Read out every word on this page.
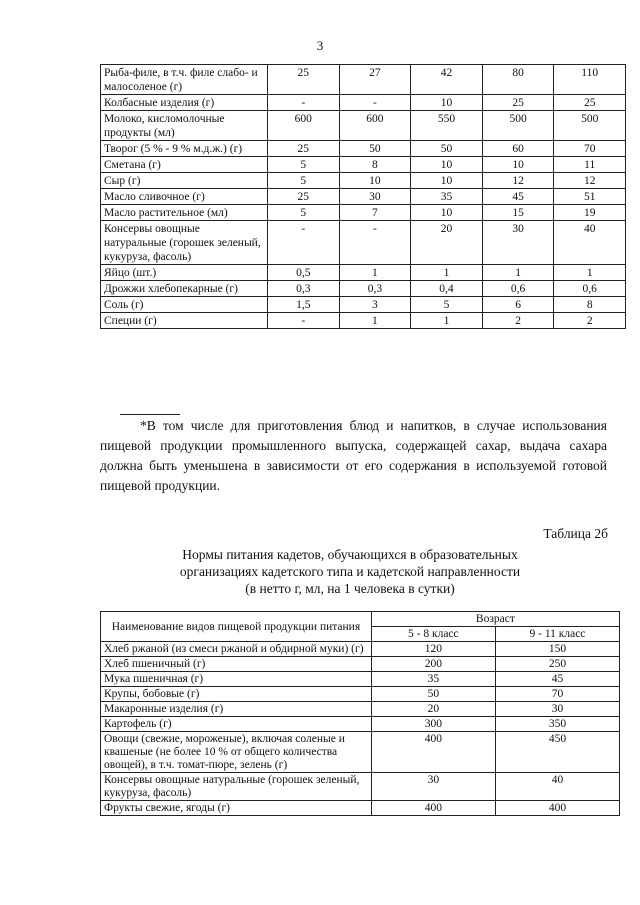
3
Рыба-филе, в т.ч. филе слабо- и малосоленое (г)	25	27	42	80	110
Колбасные изделия (г)	-	-	10	25	25
Молоко, кисломолочные продукты (мл)	600	600	550	500	500
Творог (5 % - 9 % м.д.ж.) (г)	25	50	50	60	70
Сметана (г)	5	8	10	10	11
Сыр (г)	5	10	10	12	12
Масло сливочное (г)	25	30	35	45	51
Масло растительное (мл)	5	7	10	15	19
Консервы овощные натуральные (горошек зеленый, кукуруза, фасоль)	-	-	20	30	40
Яйцо (шт.)	0,5	1	1	1	1
Дрожжи хлебопекарные (г)	0,3	0,3	0,4	0,6	0,6
Соль (г)	1,5	3	5	6	8
Специи (г)	-	1	1	2	2

*В том числе для приготовления блюд и напитков, в случае использования пищевой продукции промышленного выпуска, содержащей сахар, выдача сахара должна быть уменьшена в зависимости от его содержания в используемой готовой пищевой продукции.

Таблица 2б
Нормы питания кадетов, обучающихся в образовательных
организациях кадетского типа и кадетской направленности
(в нетто г, мл, на 1 человека в сутки)
Наименование видов пищевой продукции питания	Возраст	
	5 - 8 класс	9 - 11 класс
Хлеб ржаной (из смеси ржаной и обдирной муки) (г)	120	150
Хлеб пшеничный (г)	200	250
Мука пшеничная (г)	35	45
Крупы, бобовые (г)	50	70
Макаронные изделия (г)	20	30
Картофель (г)	300	350
Овощи (свежие, мороженые), включая соленые и квашеные (не более 10 % от общего количества овощей), в т.ч. томат-пюре, зелень (г)	400	450
Консервы овощные натуральные (горошек зеленый, кукуруза, фасоль)	30	40
Фрукты свежие, ягоды (г)	400	400
